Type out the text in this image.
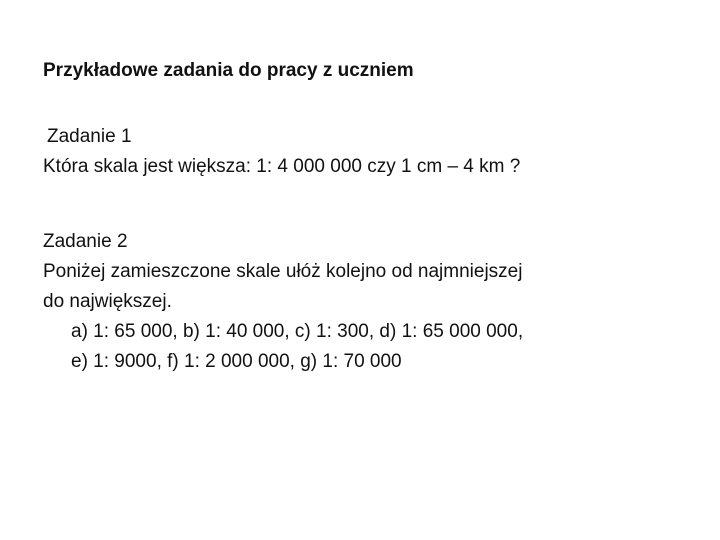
Przykładowe zadania do pracy z uczniem
Zadanie 1
Która skala jest większa: 1: 4 000 000 czy 1 cm – 4 km ?
Zadanie 2
Poniżej zamieszczone skale ułóż kolejno od najmniejszej
do największej.
a) 1: 65 000, b) 1: 40 000, c) 1: 300, d) 1: 65 000 000,
e) 1: 9000, f) 1: 2 000 000, g) 1: 70 000
